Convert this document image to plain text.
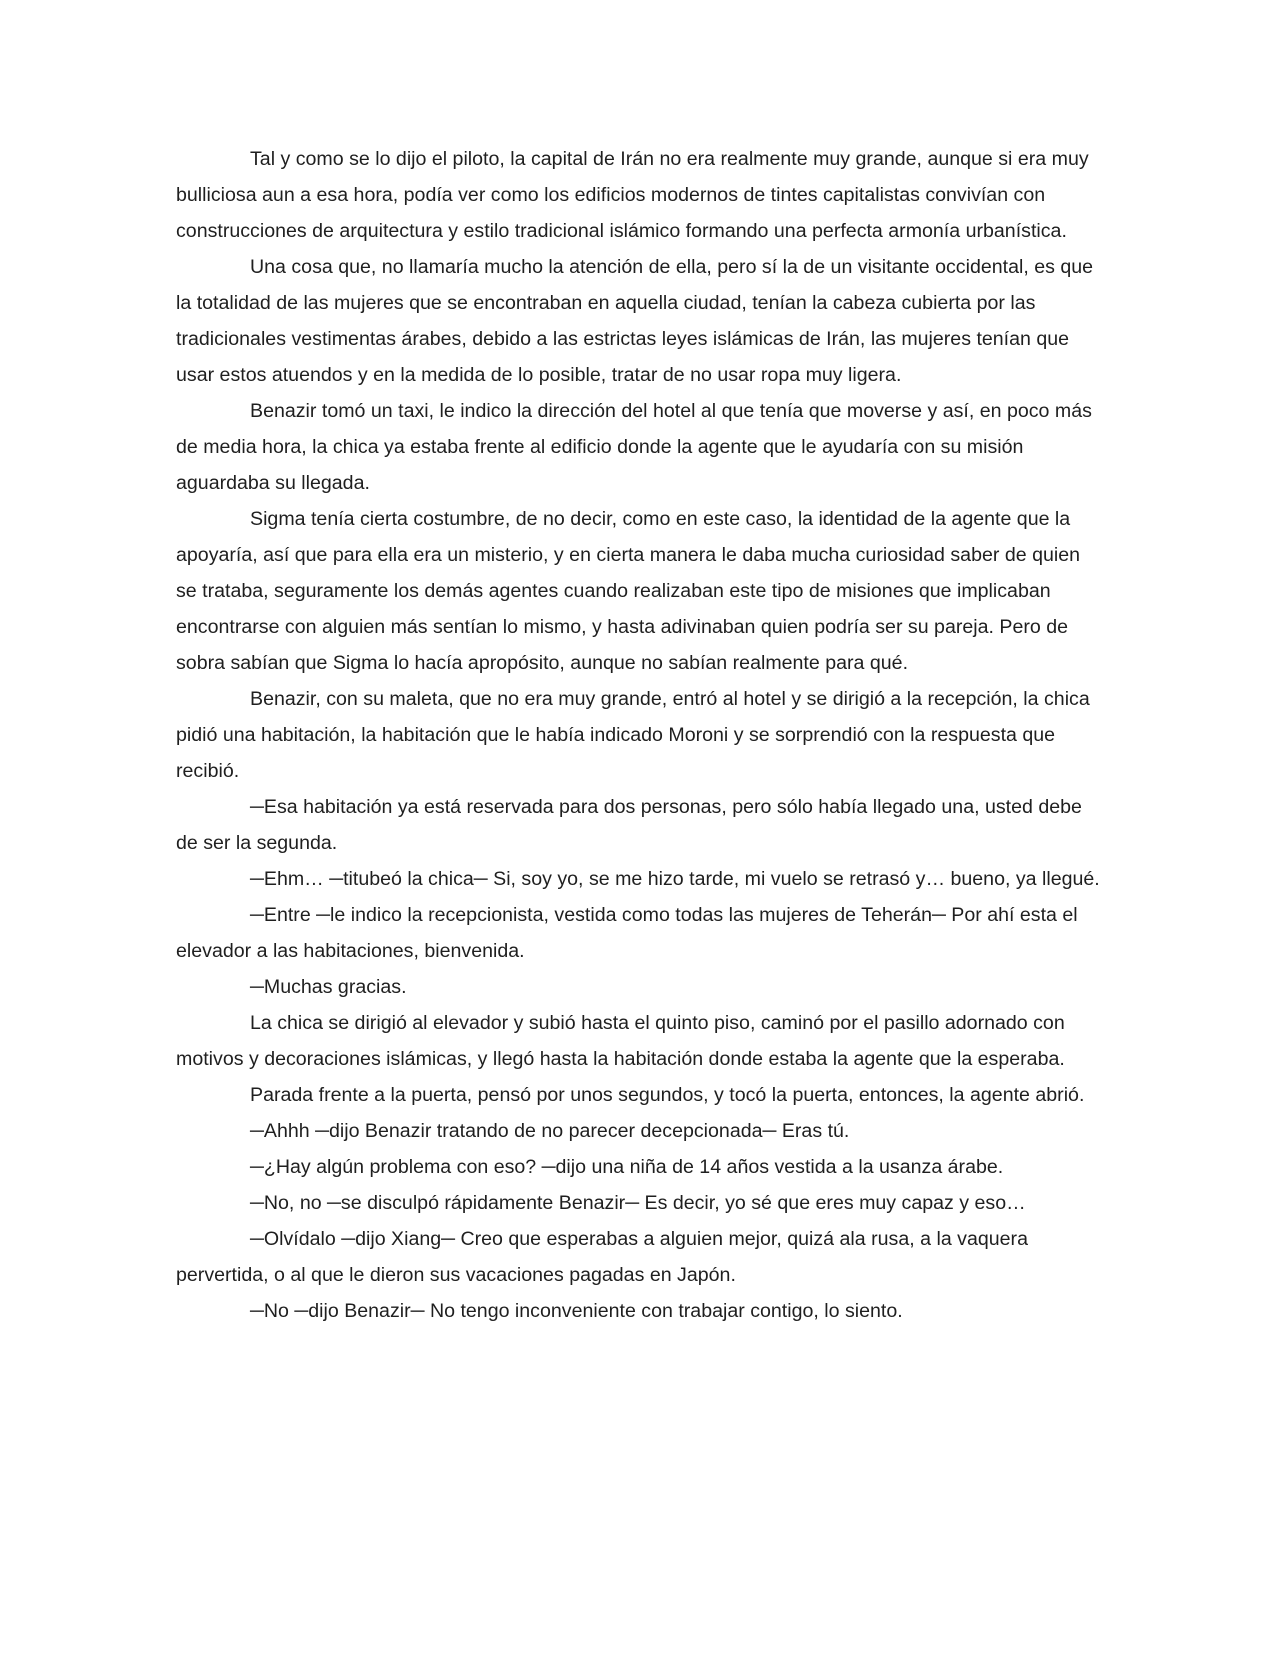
Tal y como se lo dijo el piloto, la capital de Irán no era realmente muy grande, aunque si era muy bulliciosa aun a esa hora, podía ver como los edificios modernos de tintes capitalistas convivían con construcciones de arquitectura y estilo tradicional islámico formando una perfecta armonía urbanística.

Una cosa que, no llamaría mucho la atención de ella, pero sí la de un visitante occidental, es que la totalidad de las mujeres que se encontraban en aquella ciudad, tenían la cabeza cubierta por las tradicionales vestimentas árabes, debido a las estrictas leyes islámicas de Irán, las mujeres tenían que usar estos atuendos y en la medida de lo posible, tratar de no usar ropa muy ligera.

Benazir tomó un taxi, le indico la dirección del hotel al que tenía que moverse y así, en poco más de media hora, la chica ya estaba frente al edificio donde la agente que le ayudaría con su misión aguardaba su llegada.

Sigma tenía cierta costumbre, de no decir, como en este caso, la identidad de la agente que la apoyaría, así que para ella era un misterio, y en cierta manera le daba mucha curiosidad saber de quien se trataba, seguramente los demás agentes cuando realizaban este tipo de misiones que implicaban encontrarse con alguien más sentían lo mismo, y hasta adivinaban quien podría ser su pareja. Pero de sobra sabían que Sigma lo hacía apropósito, aunque no sabían realmente para qué.

Benazir, con su maleta, que no era muy grande, entró al hotel y se dirigió a la recepción, la chica pidió una habitación, la habitación que le había indicado Moroni y se sorprendió con la respuesta que recibió.

─Esa habitación ya está reservada para dos personas, pero sólo había llegado una, usted debe de ser la segunda.

─Ehm… ─titubeó la chica─ Si, soy yo, se me hizo tarde, mi vuelo se retrasó y… bueno, ya llegué.

─Entre ─le indico la recepcionista, vestida como todas las mujeres de Teherán─ Por ahí esta el elevador a las habitaciones, bienvenida.

─Muchas gracias.

La chica se dirigió al elevador y subió hasta el quinto piso, caminó por el pasillo adornado con motivos y decoraciones islámicas, y llegó hasta la habitación donde estaba la agente que la esperaba.

Parada frente a la puerta, pensó por unos segundos, y tocó la puerta, entonces, la agente abrió.

─Ahhh ─dijo Benazir tratando de no parecer decepcionada─ Eras tú.

─¿Hay algún problema con eso? ─dijo una niña de 14 años vestida a la usanza árabe.

─No, no ─se disculpó rápidamente Benazir─ Es decir, yo sé que eres muy capaz y eso…

─Olvídalo ─dijo Xiang─ Creo que esperabas a alguien mejor, quizá ala rusa, a la vaquera pervertida, o al que le dieron sus vacaciones pagadas en Japón.

─No ─dijo Benazir─ No tengo inconveniente con trabajar contigo, lo siento.
